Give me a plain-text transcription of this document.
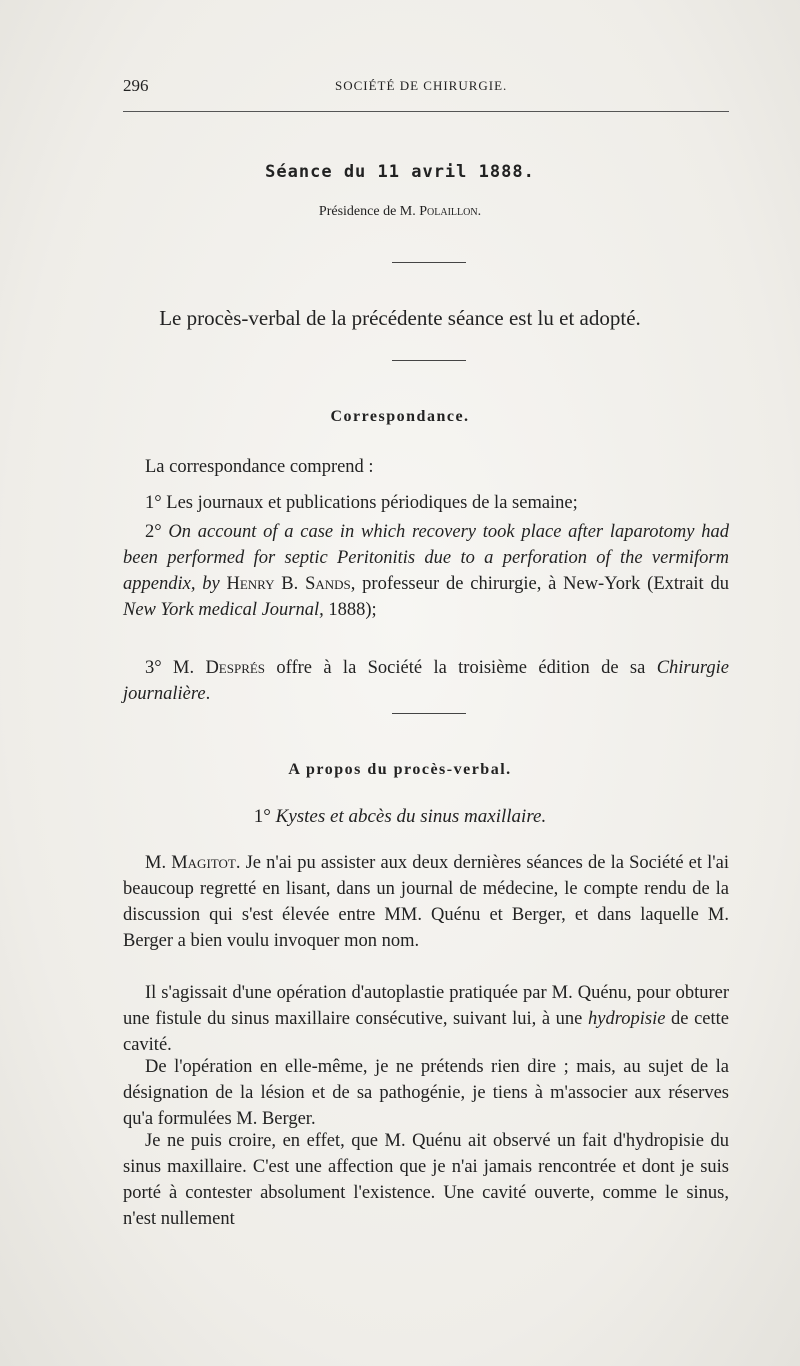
296	SOCIÉTÉ DE CHIRURGIE.
Séance du 11 avril 1888.
Présidence de M. Polaillon.
Le procès-verbal de la précédente séance est lu et adopté.
Correspondance.
La correspondance comprend :
1° Les journaux et publications périodiques de la semaine;
2° On account of a case in which recovery took place after laparotomy had been performed for septic Peritonitis due to a perforation of the vermiform appendix, by Henry B. Sands, professeur de chirurgie, à New-York (Extrait du New York medical Journal, 1888);
3° M. Després offre à la Société la troisième édition de sa Chirurgie journalière.
A propos du procès-verbal.
1° Kystes et abcès du sinus maxillaire.
M. Magitot. Je n'ai pu assister aux deux dernières séances de la Société et l'ai beaucoup regretté en lisant, dans un journal de médecine, le compte rendu de la discussion qui s'est élevée entre MM. Quénu et Berger, et dans laquelle M. Berger a bien voulu invoquer mon nom.
Il s'agissait d'une opération d'autoplastie pratiquée par M. Quénu, pour obturer une fistule du sinus maxillaire consécutive, suivant lui, à une hydropisie de cette cavité.
De l'opération en elle-même, je ne prétends rien dire ; mais, au sujet de la désignation de la lésion et de sa pathogénie, je tiens à m'associer aux réserves qu'a formulées M. Berger.
Je ne puis croire, en effet, que M. Quénu ait observé un fait d'hydropisie du sinus maxillaire. C'est une affection que je n'ai jamais rencontrée et dont je suis porté à contester absolument l'existence. Une cavité ouverte, comme le sinus, n'est nullement
